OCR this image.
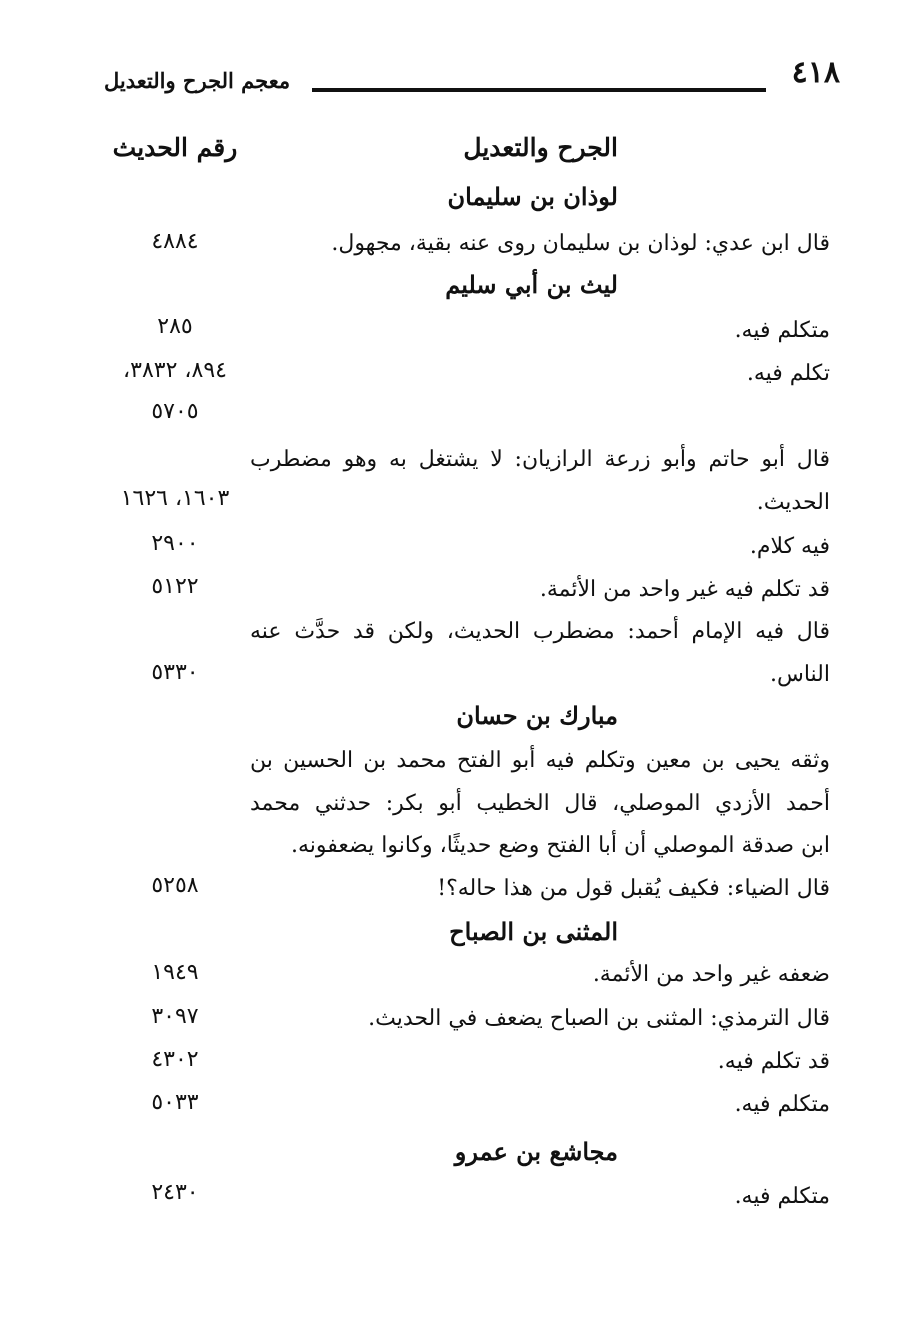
٤١٨
معجم الجرح والتعديل
الجرح والتعديل
رقم الحديث
لوذان بن سليمان
قال ابن عدي: لوذان بن سليمان روى عنه بقية، مجهول.
٤٨٨٤
ليث بن أبي سليم
متكلم فيه.
٢٨٥
تكلم فيه.
٨٩٤، ٣٨٣٢،
٥٧٠٥
قال أبو حاتم وأبو زرعة الرازيان: لا يشتغل به وهو مضطرب
الحديث.
١٦٠٣، ١٦٢٦
فيه كلام.
٢٩٠٠
قد تكلم فيه غير واحد من الأئمة.
٥١٢٢
قال فيه الإمام أحمد: مضطرب الحديث، ولكن قد حدَّث عنه
الناس.
٥٣٣٠
مبارك بن حسان
وثقه يحيى بن معين وتكلم فيه أبو الفتح محمد بن الحسين بن
أحمد الأزدي الموصلي، قال الخطيب أبو بكر: حدثني محمد
ابن صدقة الموصلي أن أبا الفتح وضع حديثًا، وكانوا يضعفونه.
قال الضياء: فكيف يُقبل قول من هذا حاله؟!
٥٢٥٨
المثنى بن الصباح
ضعفه غير واحد من الأئمة.
١٩٤٩
قال الترمذي: المثنى بن الصباح يضعف في الحديث.
٣٠٩٧
قد تكلم فيه.
٤٣٠٢
متكلم فيه.
٥٠٣٣
مجاشع بن عمرو
متكلم فيه.
٢٤٣٠
